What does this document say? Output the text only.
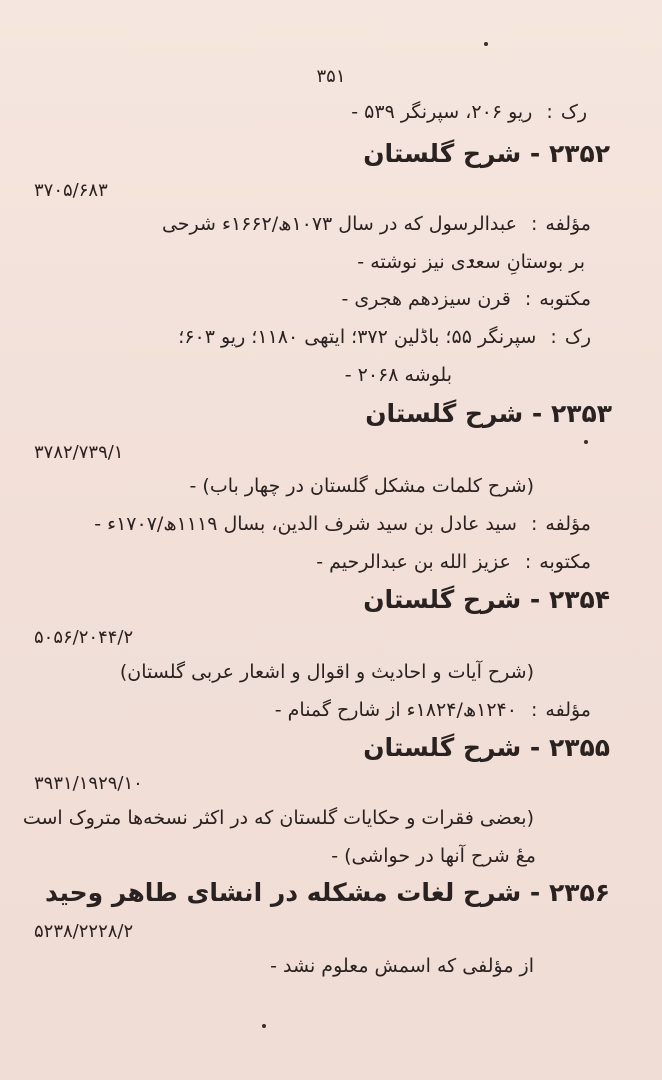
۳۵۱
رک: ریو ۲۰۶، سپرنگر ۵۳۹ -
۲۳۵۲ - شرح گلستان
۳۷۰۵/۶۸۳
مؤلفه: عبدالرسول که در سال ۱۰۷۳ھ/۱۶۶۲ء شرحی
بر بوستانِ سعدی نیز نوشته -
مکتوبه: قرن سیزدهم هجری -
رک: سپرنگر ۵۵؛ باڈلین ۳۷۲؛ ایتهی ۱۱۸۰؛ ریو ۶۰۳؛
بلوشه ۲۰۶۸ -
۲۳۵۳ - شرح گلستان
۳۷۸۲/۷۳۹/۱
(شرح کلمات مشکل گلستان در چهار باب) -
مؤلفه: سید عادل بن سید شرف الدین، بسال ۱۱۱۹ھ/۱۷۰۷ء -
مکتوبه: عزیز الله بن عبدالرحیم -
۲۳۵۴ - شرح گلستان
۵۰۵۶/۲۰۴۴/۲
(شرح آیات و احادیث و اقوال و اشعار عربی گلستان)
مؤلفه: ۱۲۴۰ھ/۱۸۲۴ء از شارح گمنام -
۲۳۵۵ - شرح گلستان
۳۹۳۱/۱۹۲۹/۱۰
(بعضی فقرات و حکایات گلستان که در اکثر نسخه‌ها متروک است
معٔ شرح آنها در حواشی) -
۲۳۵۶ - شرح لغات مشکله در انشای طاهر وحید
۵۲۳۸/۲۲۲۸/۲
از مؤلفی که اسمش معلوم نشد -
